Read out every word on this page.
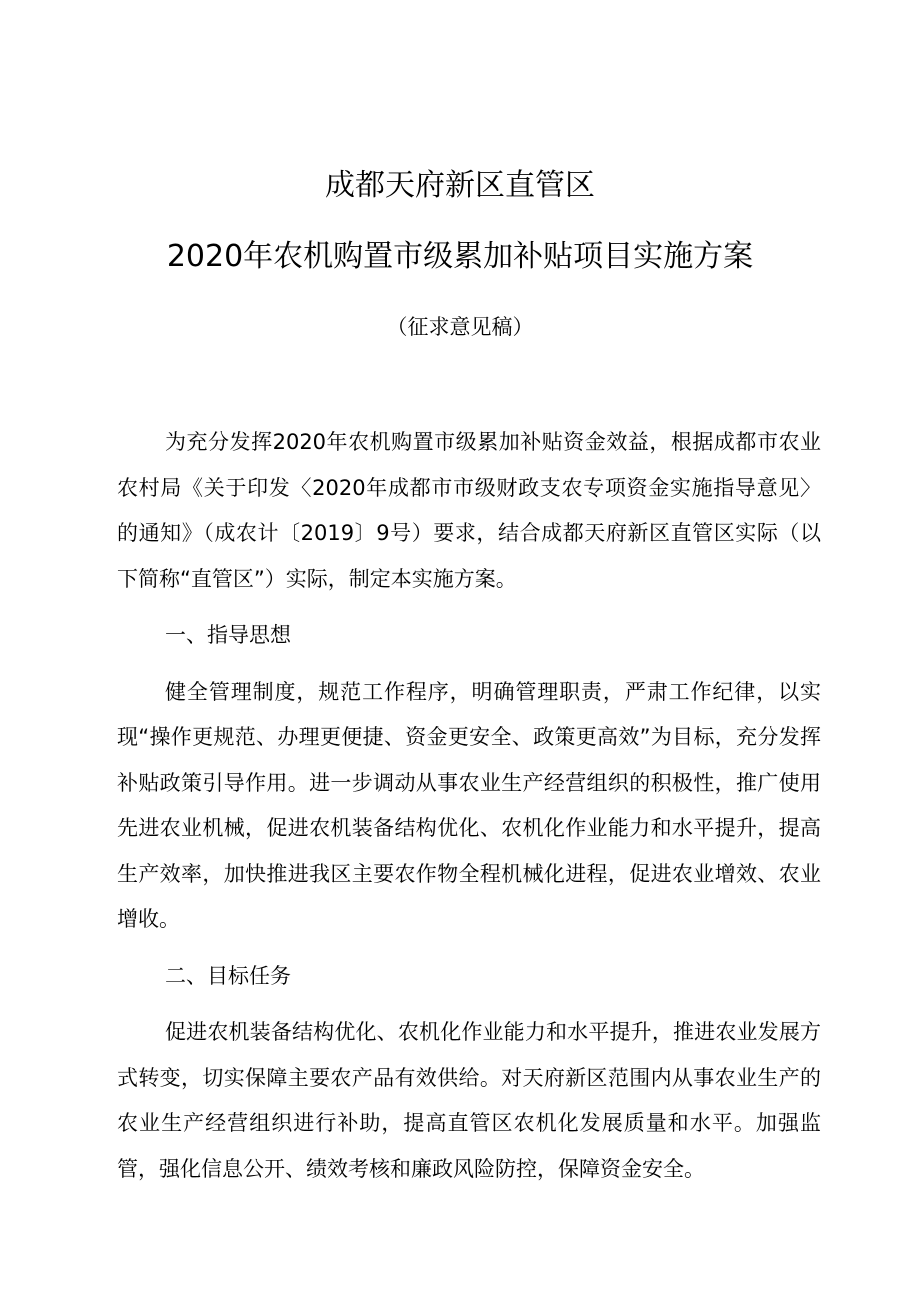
成都天府新区直管区
2020年农机购置市级累加补贴项目实施方案
（征求意见稿）

为充分发挥2020年农机购置市级累加补贴资金效益，根据成都市农业农村局《关于印发〈2020年成都市市级财政支农专项资金实施指导意见〉的通知》（成农计〔2019〕9号）要求，结合成都天府新区直管区实际（以下简称“直管区”）实际，制定本实施方案。

一、指导思想

健全管理制度，规范工作程序，明确管理职责，严肃工作纪律，以实现“操作更规范、办理更便捷、资金更安全、政策更高效”为目标，充分发挥补贴政策引导作用。进一步调动从事农业生产经营组织的积极性，推广使用先进农业机械，促进农机装备结构优化、农机化作业能力和水平提升，提高生产效率，加快推进我区主要农作物全程机械化进程，促进农业增效、农业增收。

二、目标任务

促进农机装备结构优化、农机化作业能力和水平提升，推进农业发展方式转变，切实保障主要农产品有效供给。对天府新区范围内从事农业生产的农业生产经营组织进行补助，提高直管区农机化发展质量和水平。加强监管，强化信息公开、绩效考核和廉政风险防控，保障资金安全。
